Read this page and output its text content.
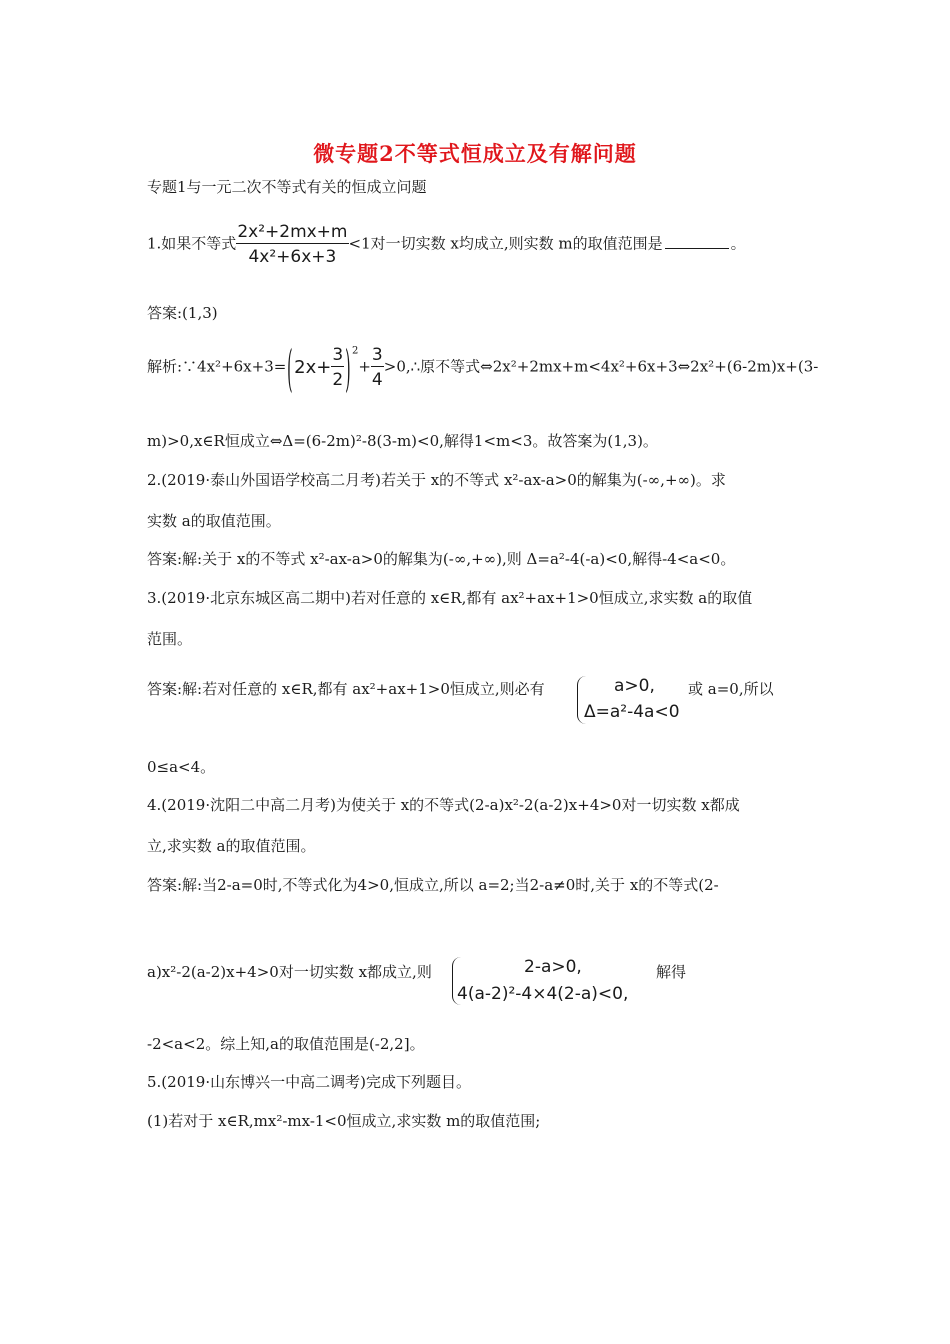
微专题2不等式恒成立及有解问题
专题1与一元二次不等式有关的恒成立问题
1.如果不等式 $\frac{\text{2x²+2mx+m}}{\text{4x²+6x+3}} <1$对一切实数 x均成立,则实数 m的取值范围是	。
答案:(1,3)
解析:∵4x²+6x+3=(2x+ $\frac{3}{2} )^2+ \frac{3}{4}$ >0,∴原不等式⇔2x²+2mx+m<4x²+6x+3⇔2x²+(6-2m)x+(3-
m)>0,x∈R恒成立⇔Δ=(6-2m)²-8(3-m)<0,解得1<m<3。故答案为(1,3)。
2.(2019·泰山外国语学校高二月考)若关于 x的不等式 x²-ax-a>0的解集为(-∞,+∞)。求
实数 a的取值范围。
答案:解:关于 x的不等式 x²-ax-a>0的解集为(-∞,+∞),则 Δ=a²-4(-a)<0,解得-4<a<0。
3.(2019·北京东城区高二期中)若对任意的 x∈R,都有 ax²+ax+1>0恒成立,求实数 a的取值
范围。
答案:解:若对任意的 x∈R,都有 ax²+ax+1>0恒成立,则必有	a>0,
Δ=a²-4a<0
或 a=0,所以
0≤a<4。
4.(2019·沈阳二中高二月考)为使关于 x的不等式(2-a)x²-2(a-2)x+4>0对一切实数 x都成
立,求实数 a的取值范围。
答案:解:当2-a=0时,不等式化为4>0,恒成立,所以 a=2;当2-a≠0时,关于 x的不等式(2-
a)x²-2(a-2)x+4>0对一切实数 x都成立,则	2-a>0,
4(a-2)²-4×4(2-a)<0,
解得
-2<a<2。综上知,a的取值范围是(-2,2]。
5.(2019·山东博兴一中高二调考)完成下列题目。
(1)若对于 x∈R,mx²-mx-1<0恒成立,求实数 m的取值范围;
